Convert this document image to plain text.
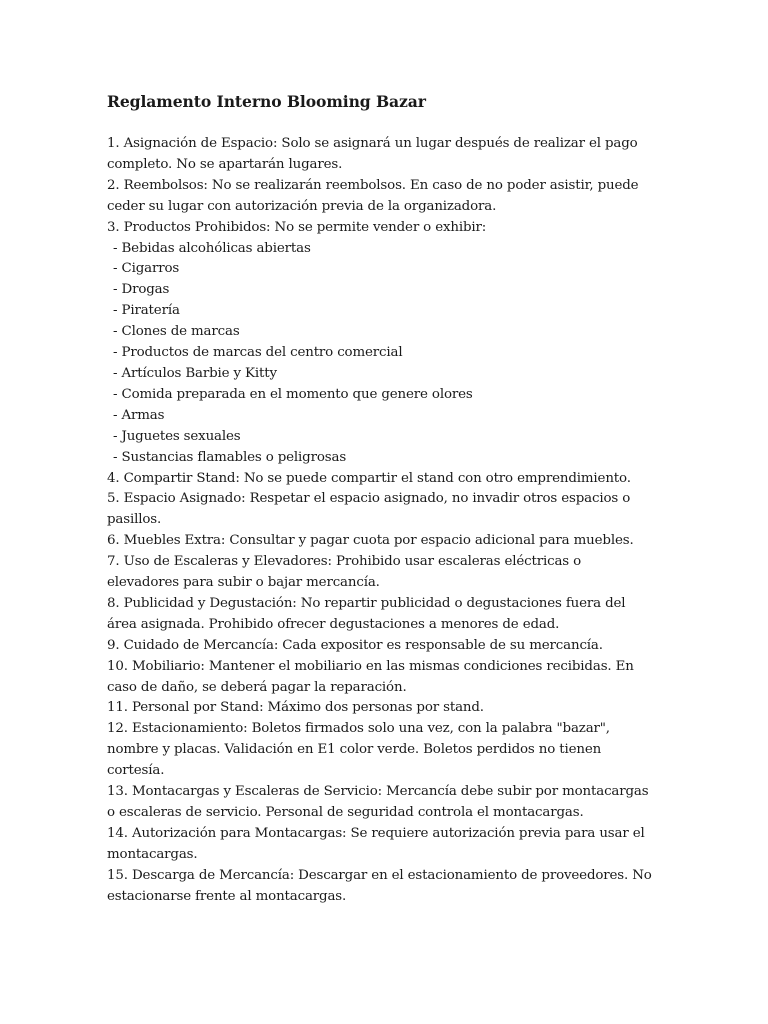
Reglamento Interno Blooming Bazar
1. Asignación de Espacio: Solo se asignará un lugar después de realizar el pago
completo. No se apartarán lugares.
2. Reembolsos: No se realizarán reembolsos. En caso de no poder asistir, puede
ceder su lugar con autorización previa de la organizadora.
3. Productos Prohibidos: No se permite vender o exhibir:
- Bebidas alcohólicas abiertas
- Cigarros
- Drogas
- Piratería
- Clones de marcas
- Productos de marcas del centro comercial
- Artículos Barbie y Kitty
- Comida preparada en el momento que genere olores
- Armas
- Juguetes sexuales
- Sustancias flamables o peligrosas
4. Compartir Stand: No se puede compartir el stand con otro emprendimiento.
5. Espacio Asignado: Respetar el espacio asignado, no invadir otros espacios o
pasillos.
6. Muebles Extra: Consultar y pagar cuota por espacio adicional para muebles.
7. Uso de Escaleras y Elevadores: Prohibido usar escaleras eléctricas o
elevadores para subir o bajar mercancía.
8. Publicidad y Degustación: No repartir publicidad o degustaciones fuera del
área asignada. Prohibido ofrecer degustaciones a menores de edad.
9. Cuidado de Mercancía: Cada expositor es responsable de su mercancía.
10. Mobiliario: Mantener el mobiliario en las mismas condiciones recibidas. En
caso de daño, se deberá pagar la reparación.
11. Personal por Stand: Máximo dos personas por stand.
12. Estacionamiento: Boletos firmados solo una vez, con la palabra "bazar",
nombre y placas. Validación en E1 color verde. Boletos perdidos no tienen
cortesía.
13. Montacargas y Escaleras de Servicio: Mercancía debe subir por montacargas
o escaleras de servicio. Personal de seguridad controla el montacargas.
14. Autorización para Montacargas: Se requiere autorización previa para usar el
montacargas.
15. Descarga de Mercancía: Descargar en el estacionamiento de proveedores. No
estacionarse frente al montacargas.
